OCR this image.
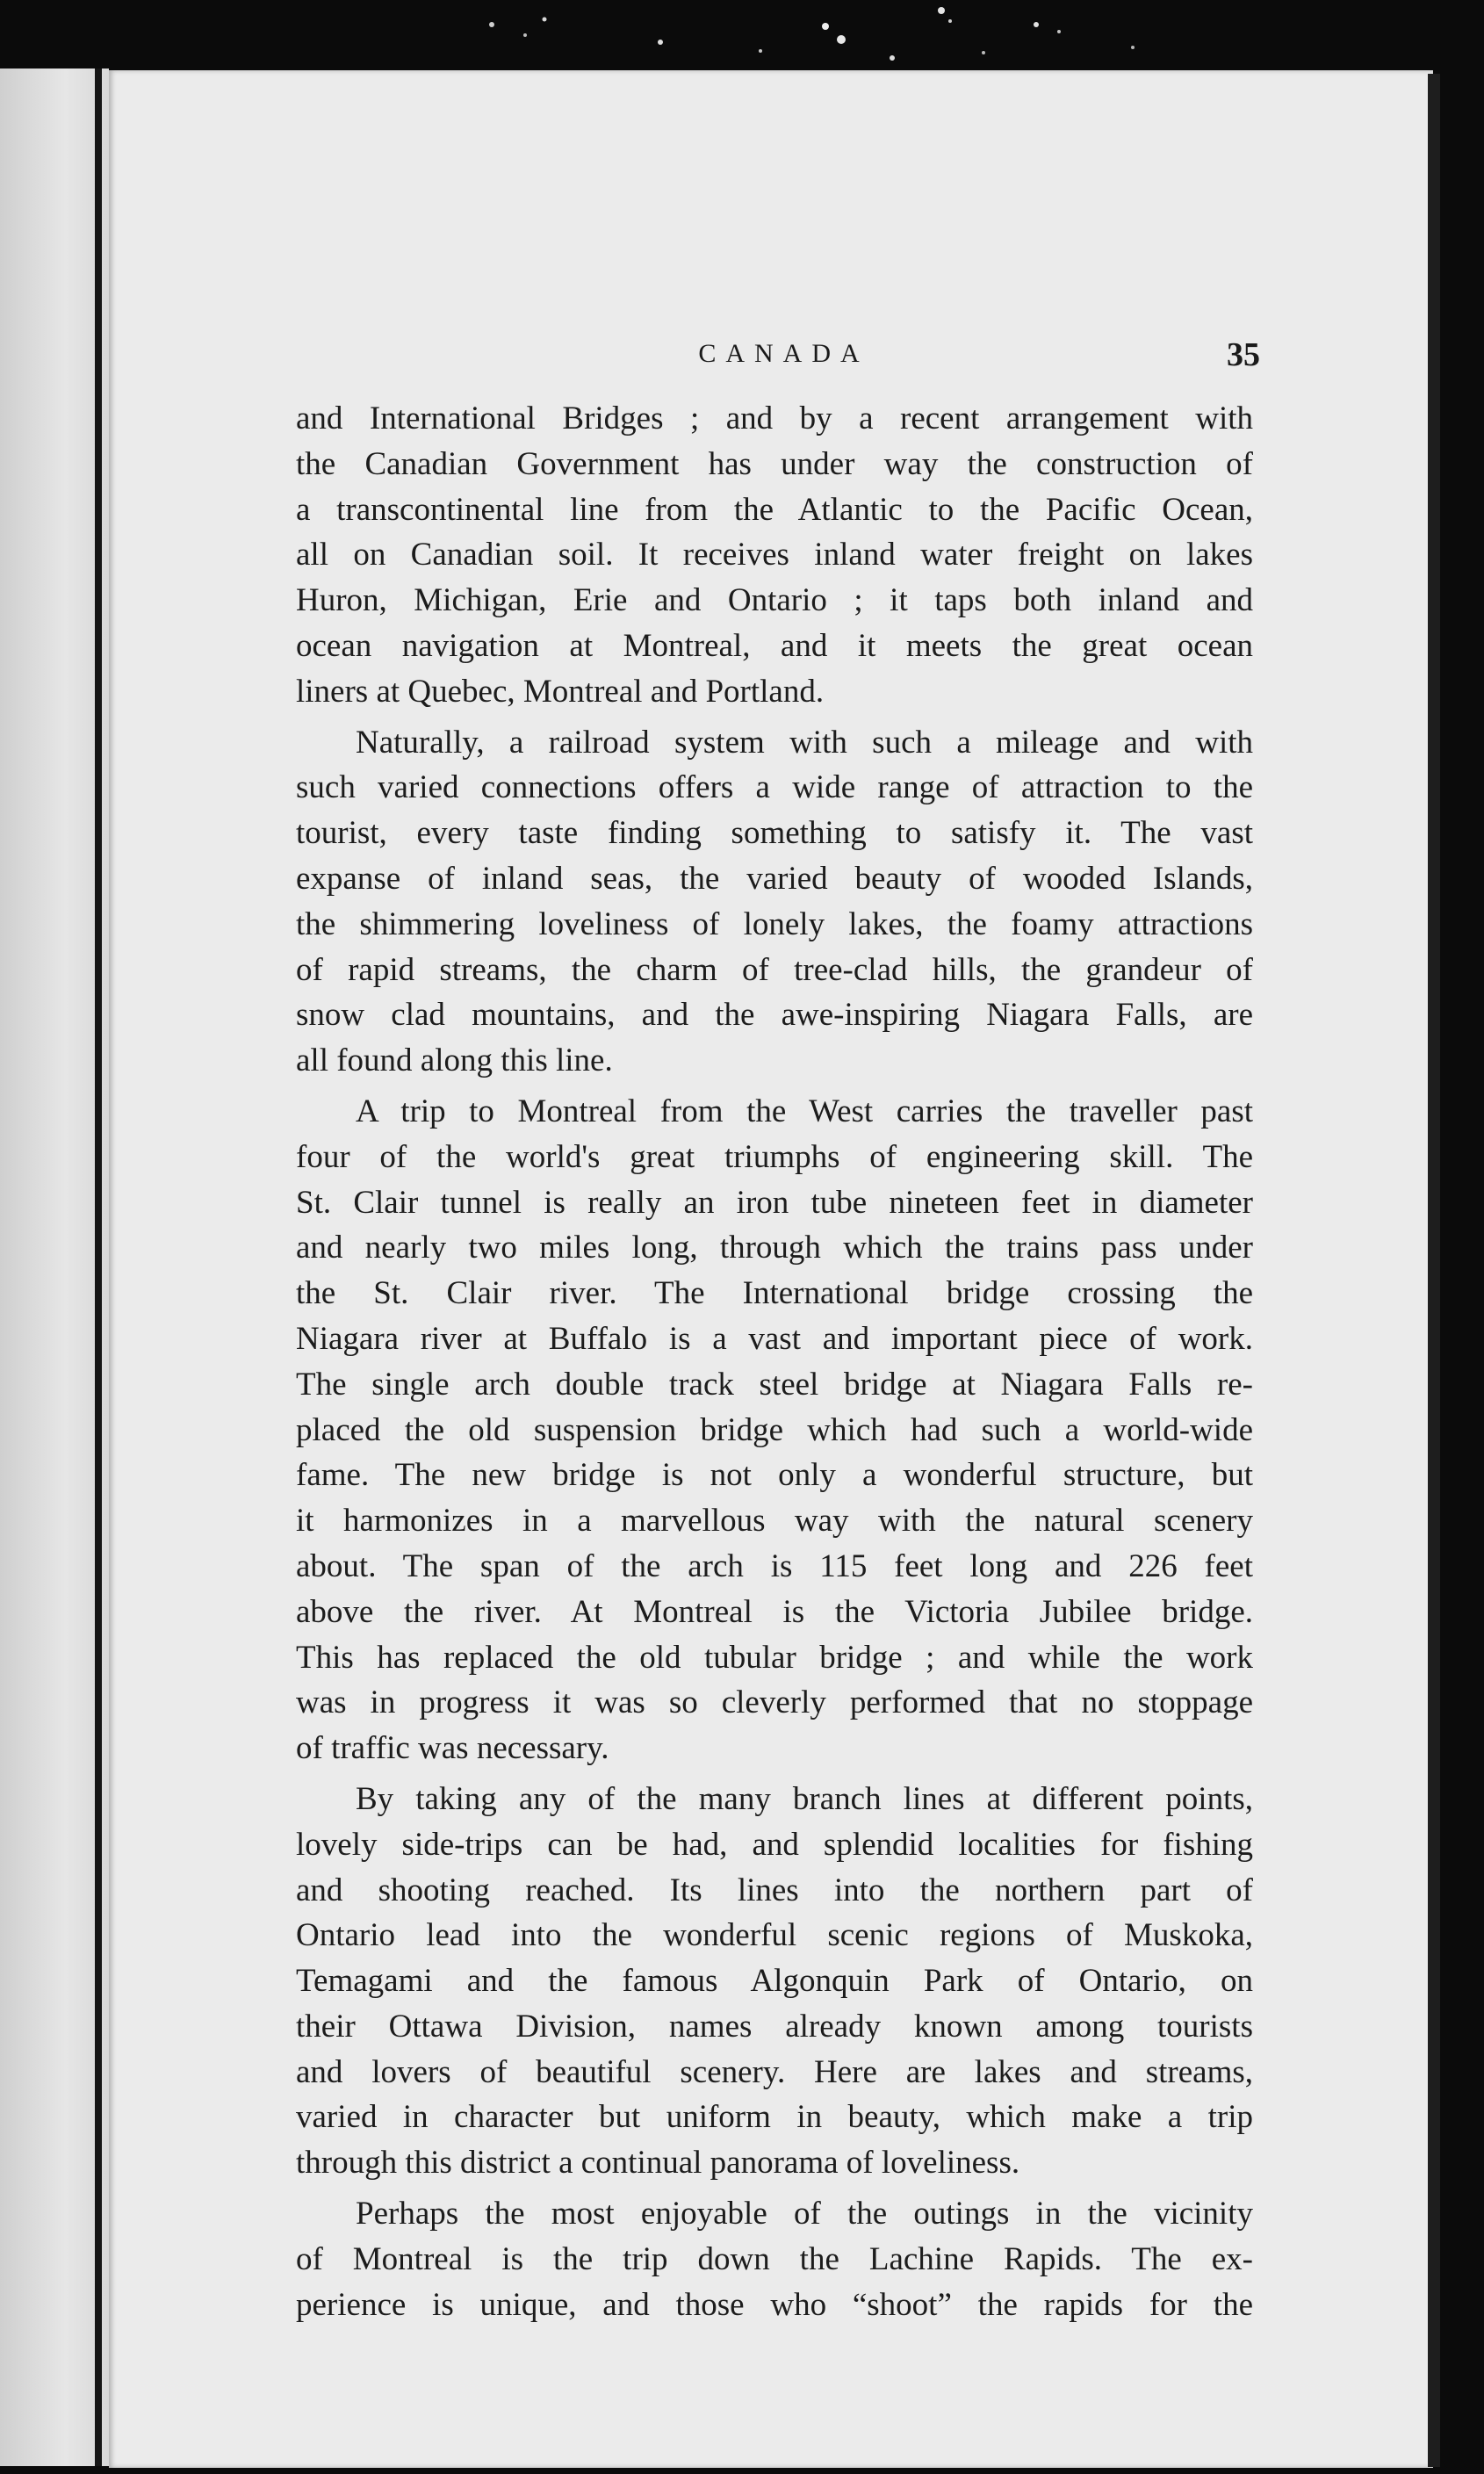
CANADA	35
and International Bridges ; and by a recent arrangement with
the Canadian Government has under way the construction of
a transcontinental line from the Atlantic to the Pacific Ocean,
all on Canadian soil. It receives inland water freight on lakes
Huron, Michigan, Erie and Ontario ; it taps both inland and
ocean navigation at Montreal, and it meets the great ocean
liners at Quebec, Montreal and Portland.
Naturally, a railroad system with such a mileage and with
such varied connections offers a wide range of attraction to the
tourist, every taste finding something to satisfy it. The vast
expanse of inland seas, the varied beauty of wooded Islands,
the shimmering loveliness of lonely lakes, the foamy attractions
of rapid streams, the charm of tree-clad hills, the grandeur of
snow clad mountains, and the awe-inspiring Niagara Falls, are
all found along this line.
A trip to Montreal from the West carries the traveller past
four of the world's great triumphs of engineering skill. The
St. Clair tunnel is really an iron tube nineteen feet in diameter
and nearly two miles long, through which the trains pass under
the St. Clair river. The International bridge crossing the
Niagara river at Buffalo is a vast and important piece of work.
The single arch double track steel bridge at Niagara Falls re-
placed the old suspension bridge which had such a world-wide
fame. The new bridge is not only a wonderful structure, but
it harmonizes in a marvellous way with the natural scenery
about. The span of the arch is 115 feet long and 226 feet
above the river. At Montreal is the Victoria Jubilee bridge.
This has replaced the old tubular bridge ; and while the work
was in progress it was so cleverly performed that no stoppage
of traffic was necessary.
By taking any of the many branch lines at different points,
lovely side-trips can be had, and splendid localities for fishing
and shooting reached. Its lines into the northern part of
Ontario lead into the wonderful scenic regions of Muskoka,
Temagami and the famous Algonquin Park of Ontario, on
their Ottawa Division, names already known among tourists
and lovers of beautiful scenery. Here are lakes and streams,
varied in character but uniform in beauty, which make a trip
through this district a continual panorama of loveliness.
Perhaps the most enjoyable of the outings in the vicinity
of Montreal is the trip down the Lachine Rapids. The ex-
perience is unique, and those who “shoot” the rapids for the
